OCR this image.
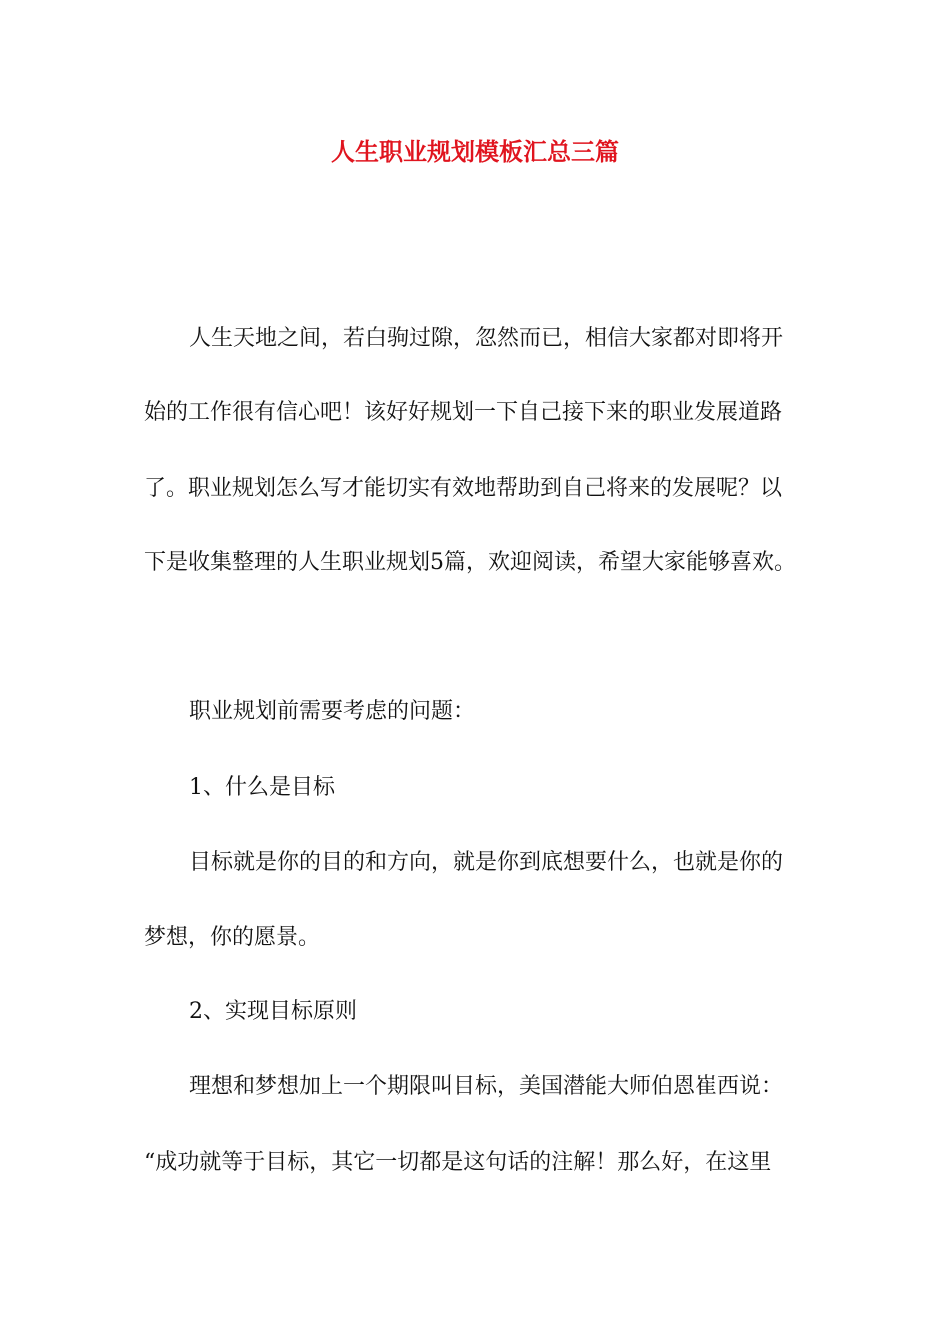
人生职业规划模板汇总三篇
人生天地之间，若白驹过隙，忽然而已，相信大家都对即将开
始的工作很有信心吧！该好好规划一下自己接下来的职业发展道路
了。职业规划怎么写才能切实有效地帮助到自己将来的发展呢？以
下是收集整理的人生职业规划5篇，欢迎阅读，希望大家能够喜欢。
职业规划前需要考虑的问题：
1、什么是目标
目标就是你的目的和方向，就是你到底想要什么，也就是你的
梦想，你的愿景。
2、实现目标原则
理想和梦想加上一个期限叫目标，美国潜能大师伯恩崔西说：
“成功就等于目标，其它一切都是这句话的注解！那么好，在这里
